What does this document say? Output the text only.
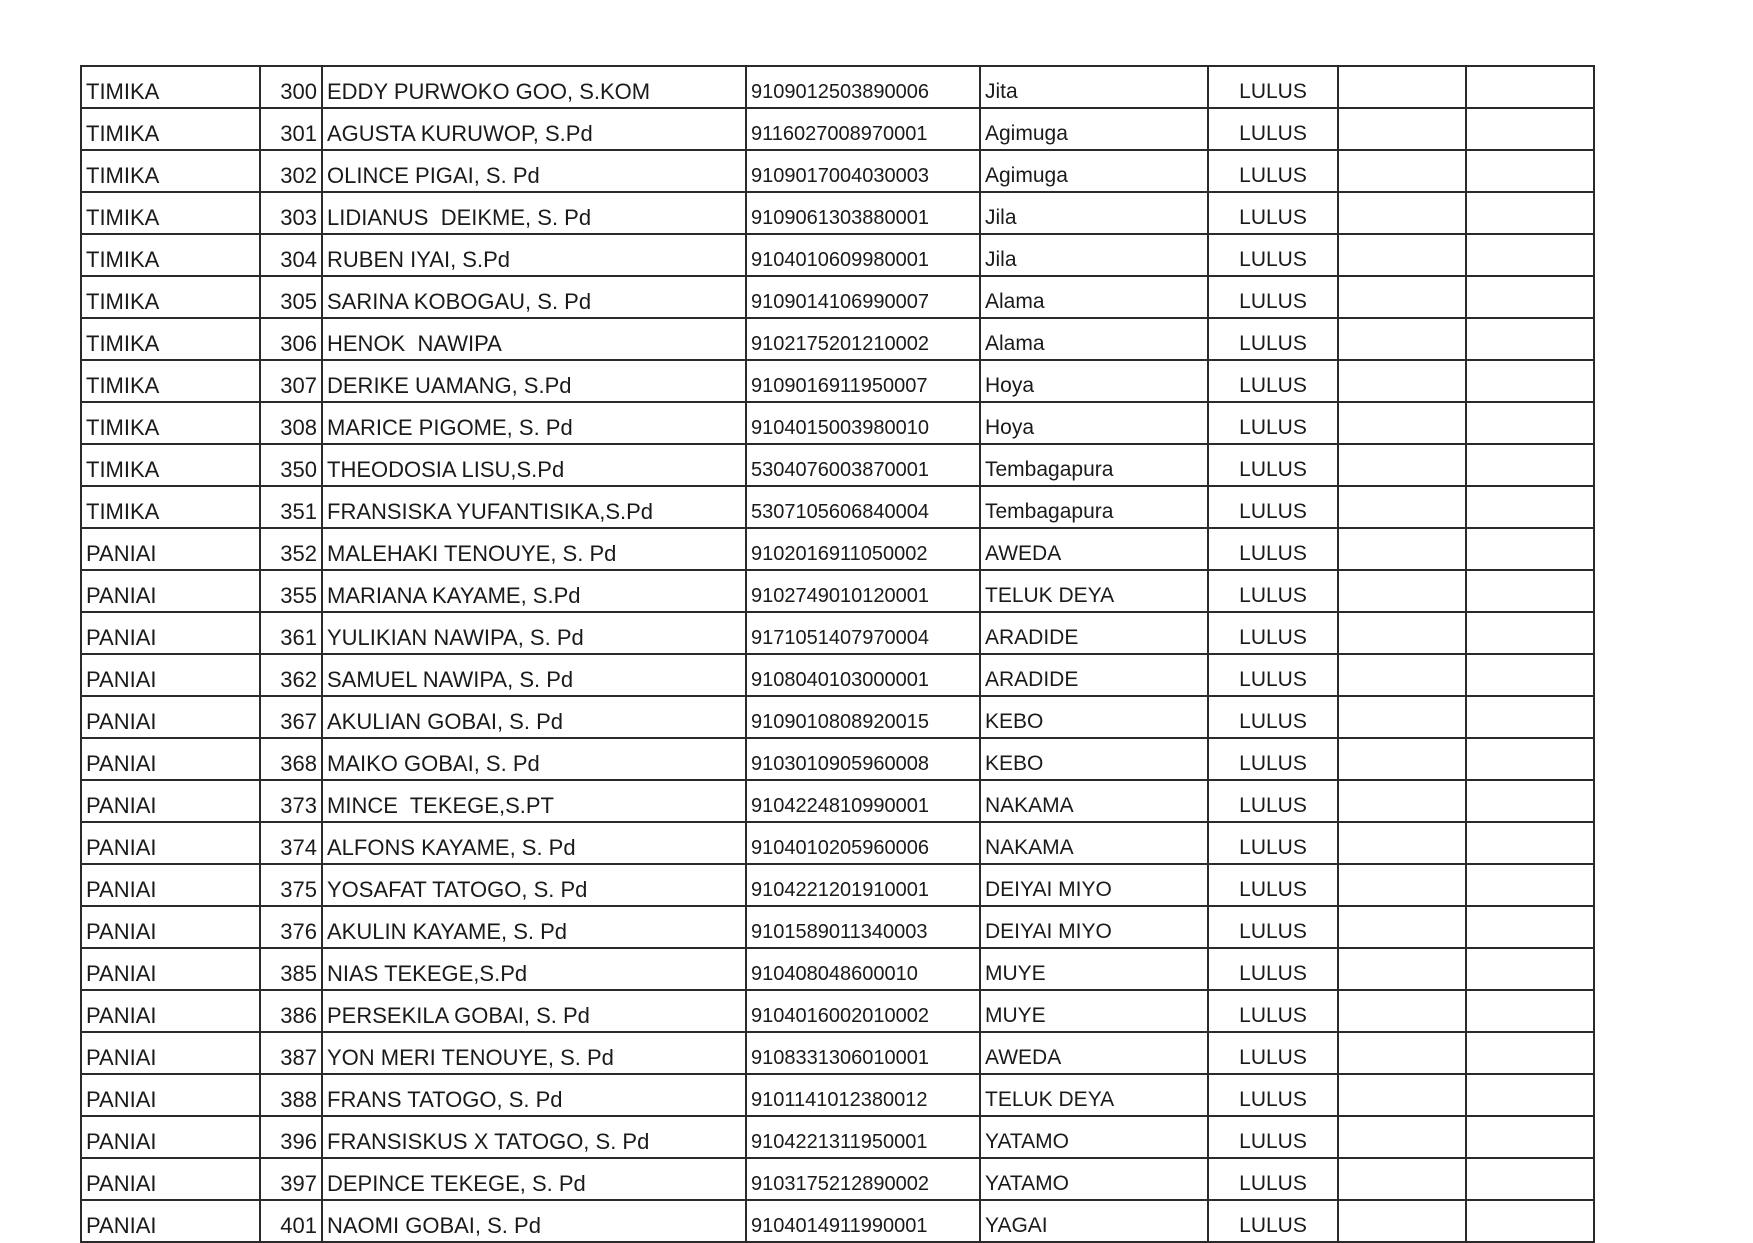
TIMIKA	300	EDDY PURWOKO GOO, S.KOM	9109012503890006	Jita	LULUS		
TIMIKA	301	AGUSTA KURUWOP, S.Pd	9116027008970001	Agimuga	LULUS		
TIMIKA	302	OLINCE PIGAI, S. Pd	9109017004030003	Agimuga	LULUS		
TIMIKA	303	LIDIANUS  DEIKME, S. Pd	9109061303880001	Jila	LULUS		
TIMIKA	304	RUBEN IYAI, S.Pd	9104010609980001	Jila	LULUS		
TIMIKA	305	SARINA KOBOGAU, S. Pd	9109014106990007	Alama	LULUS		
TIMIKA	306	HENOK  NAWIPA	9102175201210002	Alama	LULUS		
TIMIKA	307	DERIKE UAMANG, S.Pd	9109016911950007	Hoya	LULUS		
TIMIKA	308	MARICE PIGOME, S. Pd	9104015003980010	Hoya	LULUS		
TIMIKA	350	THEODOSIA LISU,S.Pd	5304076003870001	Tembagapura	LULUS		
TIMIKA	351	FRANSISKA YUFANTISIKA,S.Pd	5307105606840004	Tembagapura	LULUS		
PANIAI	352	MALEHAKI TENOUYE, S. Pd	9102016911050002	AWEDA	LULUS		
PANIAI	355	MARIANA KAYAME, S.Pd	9102749010120001	TELUK DEYA	LULUS		
PANIAI	361	YULIKIAN NAWIPA, S. Pd	9171051407970004	ARADIDE	LULUS		
PANIAI	362	SAMUEL NAWIPA, S. Pd	9108040103000001	ARADIDE	LULUS		
PANIAI	367	AKULIAN GOBAI, S. Pd	9109010808920015	KEBO	LULUS		
PANIAI	368	MAIKO GOBAI, S. Pd	9103010905960008	KEBO	LULUS		
PANIAI	373	MINCE  TEKEGE,S.PT	9104224810990001	NAKAMA	LULUS		
PANIAI	374	ALFONS KAYAME, S. Pd	9104010205960006	NAKAMA	LULUS		
PANIAI	375	YOSAFAT TATOGO, S. Pd	9104221201910001	DEIYAI MIYO	LULUS		
PANIAI	376	AKULIN KAYAME, S. Pd	9101589011340003	DEIYAI MIYO	LULUS		
PANIAI	385	NIAS TEKEGE,S.Pd	910408048600010	MUYE	LULUS		
PANIAI	386	PERSEKILA GOBAI, S. Pd	9104016002010002	MUYE	LULUS		
PANIAI	387	YON MERI TENOUYE, S. Pd	9108331306010001	AWEDA	LULUS		
PANIAI	388	FRANS TATOGO, S. Pd	9101141012380012	TELUK DEYA	LULUS		
PANIAI	396	FRANSISKUS X TATOGO, S. Pd	9104221311950001	YATAMO	LULUS		
PANIAI	397	DEPINCE TEKEGE, S. Pd	9103175212890002	YATAMO	LULUS		
PANIAI	401	NAOMI GOBAI, S. Pd	9104014911990001	YAGAI	LULUS		
